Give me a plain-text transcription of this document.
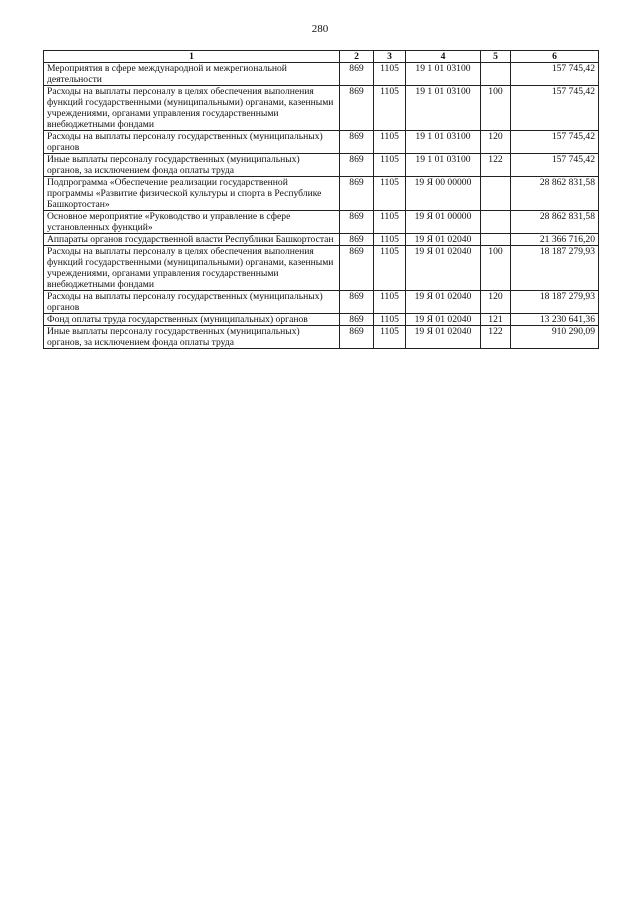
280
1	2	3	4	5	6
Мероприятия в сфере международной и межрегиональной деятельности	869	1105	19 1 01 03100		157 745,42
Расходы на выплаты персоналу в целях обеспечения выполнения функций государственными (муниципальными) органами, казенными учреждениями, органами управления государственными внебюджетными фондами	869	1105	19 1 01 03100	100	157 745,42
Расходы на выплаты персоналу государственных (муниципальных) органов	869	1105	19 1 01 03100	120	157 745,42
Иные выплаты персоналу государственных (муниципальных) органов, за исключением фонда оплаты труда	869	1105	19 1 01 03100	122	157 745,42
Подпрограмма «Обеспечение реализации государственной программы «Развитие физической культуры и спорта в Республике Башкортостан»	869	1105	19 Я 00 00000		28 862 831,58
Основное мероприятие «Руководство и управление в сфере установленных функций»	869	1105	19 Я 01 00000		28 862 831,58
Аппараты органов государственной власти Республики Башкортостан	869	1105	19 Я 01 02040		21 366 716,20
Расходы на выплаты персоналу в целях обеспечения выполнения функций государственными (муниципальными) органами, казенными учреждениями, органами управления государственными внебюджетными фондами	869	1105	19 Я 01 02040	100	18 187 279,93
Расходы на выплаты персоналу государственных (муниципальных) органов	869	1105	19 Я 01 02040	120	18 187 279,93
Фонд оплаты труда государственных (муниципальных) органов	869	1105	19 Я 01 02040	121	13 230 641,36
Иные выплаты персоналу государственных (муниципальных) органов, за исключением фонда оплаты труда	869	1105	19 Я 01 02040	122	910 290,09
